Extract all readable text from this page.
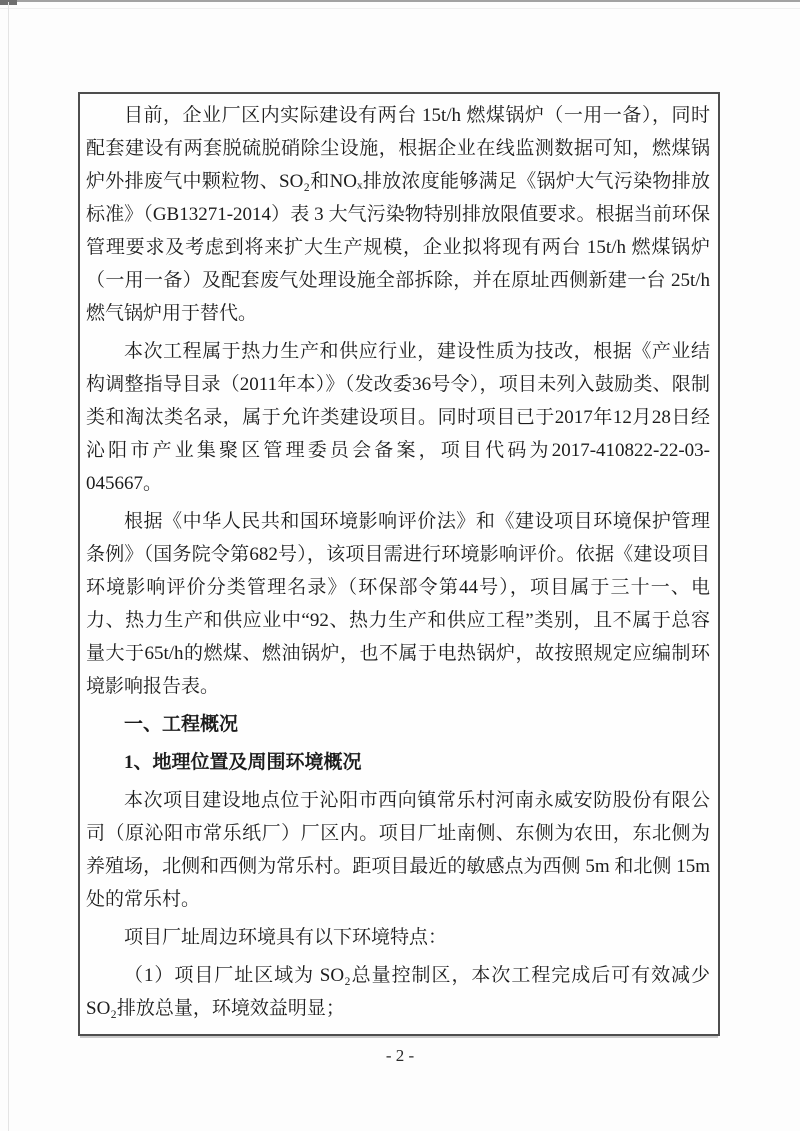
目前，企业厂区内实际建设有两台 15t/h 燃煤锅炉（一用一备），同时配套建设有两套脱硫脱硝除尘设施，根据企业在线监测数据可知，燃煤锅炉外排废气中颗粒物、SO₂和NOₓ排放浓度能够满足《锅炉大气污染物排放标准》（GB13271-2014）表 3 大气污染物特别排放限值要求。根据当前环保管理要求及考虑到将来扩大生产规模，企业拟将现有两台 15t/h 燃煤锅炉（一用一备）及配套废气处理设施全部拆除，并在原址西侧新建一台 25t/h 燃气锅炉用于替代。
本次工程属于热力生产和供应行业，建设性质为技改，根据《产业结构调整指导目录（2011年本）》（发改委36号令），项目未列入鼓励类、限制类和淘汰类名录，属于允许类建设项目。同时项目已于2017年12月28日经沁阳市产业集聚区管理委员会备案，项目代码为2017-410822-22-03-045667。
根据《中华人民共和国环境影响评价法》和《建设项目环境保护管理条例》（国务院令第682号），该项目需进行环境影响评价。依据《建设项目环境影响评价分类管理名录》（环保部令第44号），项目属于三十一、电力、热力生产和供应业中“92、热力生产和供应工程”类别，且不属于总容量大于65t/h的燃煤、燃油锅炉，也不属于电热锅炉，故按照规定应编制环境影响报告表。
一、工程概况
1、地理位置及周围环境概况
本次项目建设地点位于沁阳市西向镇常乐村河南永威安防股份有限公司（原沁阳市常乐纸厂）厂区内。项目厂址南侧、东侧为农田，东北侧为养殖场，北侧和西侧为常乐村。距项目最近的敏感点为西侧 5m 和北侧 15m 处的常乐村。
项目厂址周边环境具有以下环境特点：
（1）项目厂址区域为 SO₂总量控制区，本次工程完成后可有效减少 SO₂排放总量，环境效益明显；
- 2 -
